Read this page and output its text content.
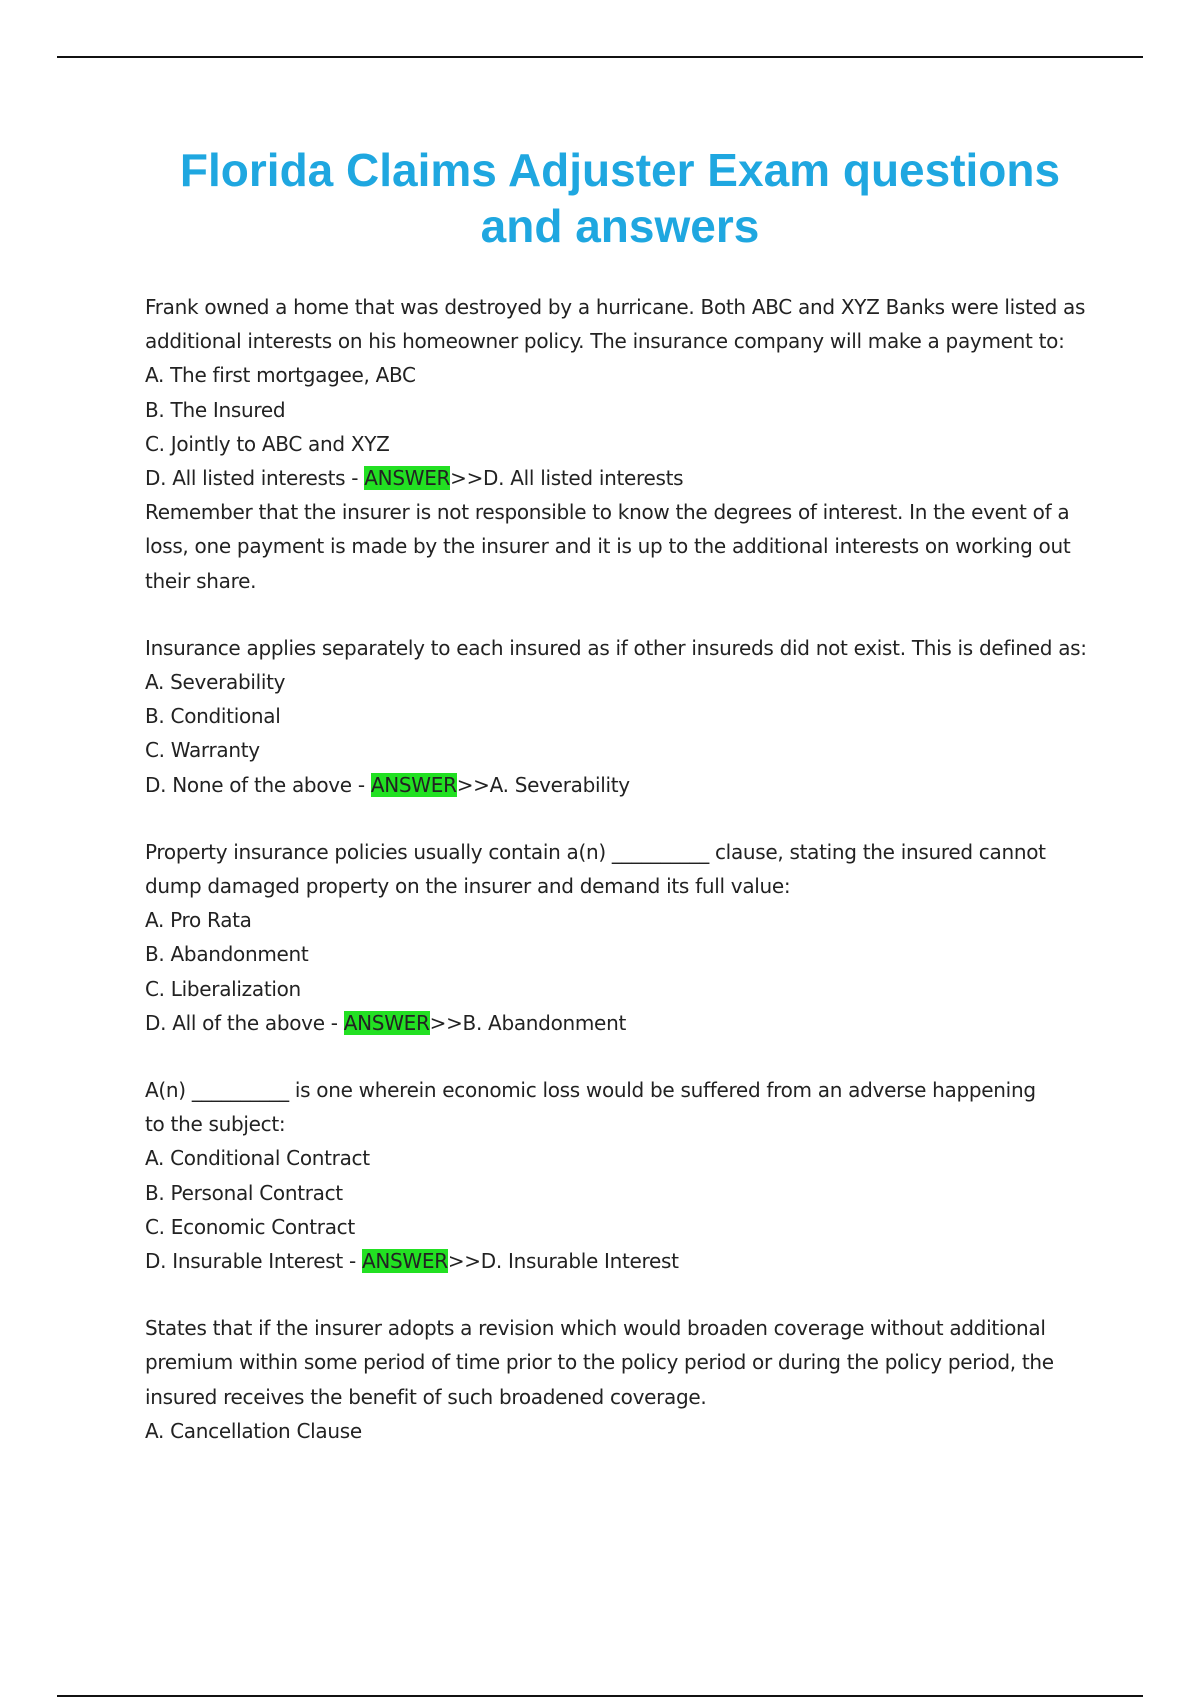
Florida Claims Adjuster Exam questions
and answers
Frank owned a home that was destroyed by a hurricane. Both ABC and XYZ Banks were listed as
additional interests on his homeowner policy. The insurance company will make a payment to:
A. The first mortgagee, ABC
B. The Insured
C. Jointly to ABC and XYZ
D. All listed interests - ANSWER>>D. All listed interests
Remember that the insurer is not responsible to know the degrees of interest. In the event of a
loss, one payment is made by the insurer and it is up to the additional interests on working out
their share.
Insurance applies separately to each insured as if other insureds did not exist. This is defined as:
A. Severability
B. Conditional
C. Warranty
D. None of the above - ANSWER>>A. Severability
Property insurance policies usually contain a(n) __________ clause, stating the insured cannot
dump damaged property on the insurer and demand its full value:
A. Pro Rata
B. Abandonment
C. Liberalization
D. All of the above - ANSWER>>B. Abandonment
A(n) __________ is one wherein economic loss would be suffered from an adverse happening
to the subject:
A. Conditional Contract
B. Personal Contract
C. Economic Contract
D. Insurable Interest - ANSWER>>D. Insurable Interest
States that if the insurer adopts a revision which would broaden coverage without additional
premium within some period of time prior to the policy period or during the policy period, the
insured receives the benefit of such broadened coverage.
A. Cancellation Clause
